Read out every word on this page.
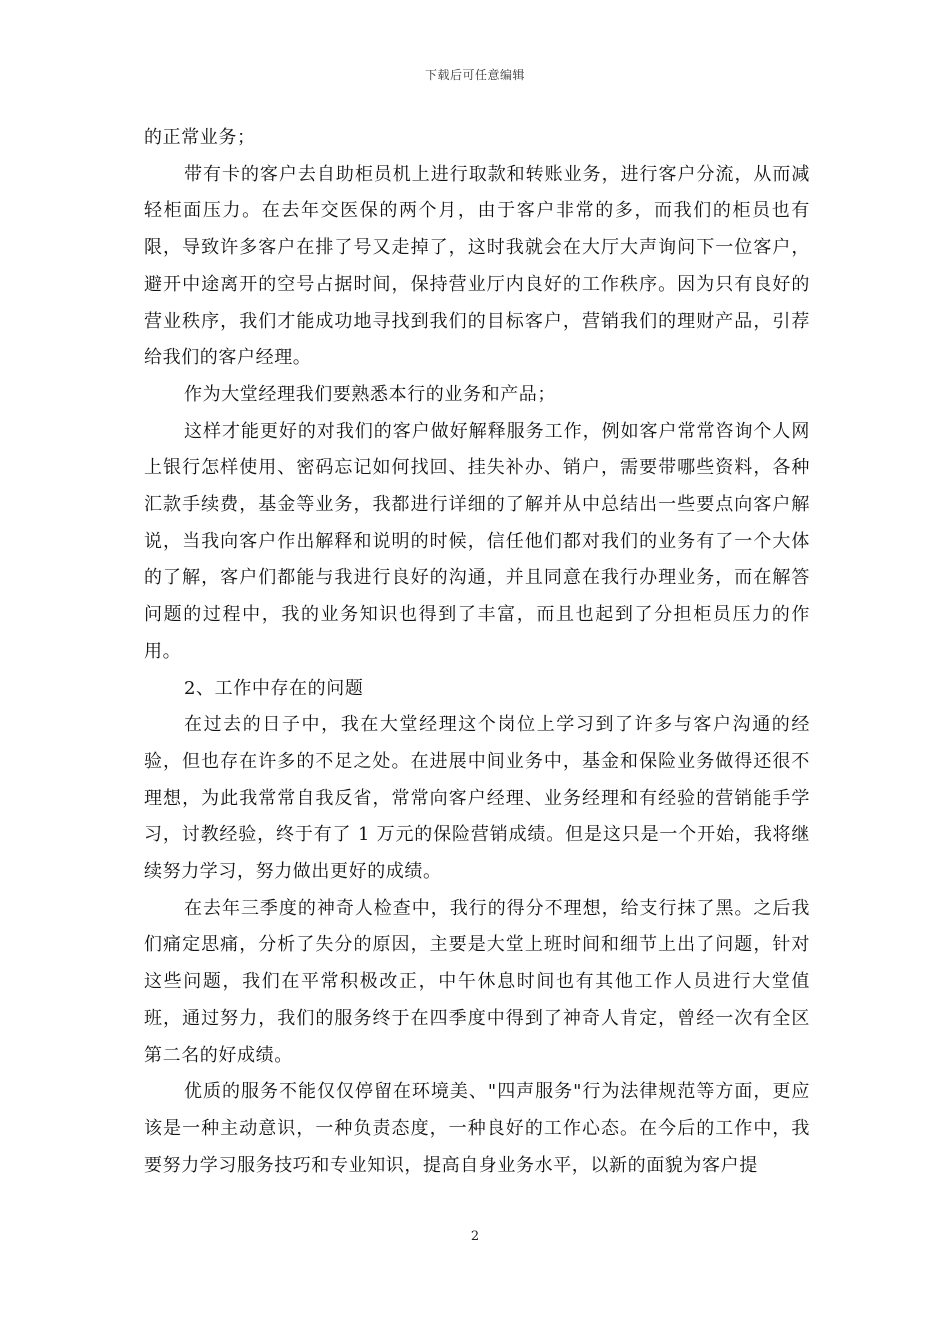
下载后可任意编辑

的正常业务；

带有卡的客户去自助柜员机上进行取款和转账业务，进行客户分流，从而减轻柜面压力。在去年交医保的两个月，由于客户非常的多，而我们的柜员也有限，导致许多客户在排了号又走掉了，这时我就会在大厅大声询问下一位客户，避开中途离开的空号占据时间，保持营业厅内良好的工作秩序。因为只有良好的营业秩序，我们才能成功地寻找到我们的目标客户，营销我们的理财产品，引荐给我们的客户经理。

作为大堂经理我们要熟悉本行的业务和产品；

这样才能更好的对我们的客户做好解释服务工作，例如客户常常咨询个人网上银行怎样使用、密码忘记如何找回、挂失补办、销户，需要带哪些资料，各种汇款手续费，基金等业务，我都进行详细的了解并从中总结出一些要点向客户解说，当我向客户作出解释和说明的时候，信任他们都对我们的业务有了一个大体的了解，客户们都能与我进行良好的沟通，并且同意在我行办理业务，而在解答问题的过程中，我的业务知识也得到了丰富，而且也起到了分担柜员压力的作用。

2、工作中存在的问题

在过去的日子中，我在大堂经理这个岗位上学习到了许多与客户沟通的经验，但也存在许多的不足之处。在进展中间业务中，基金和保险业务做得还很不理想，为此我常常自我反省，常常向客户经理、业务经理和有经验的营销能手学习，讨教经验，终于有了 1 万元的保险营销成绩。但是这只是一个开始，我将继续努力学习，努力做出更好的成绩。

在去年三季度的神奇人检查中，我行的得分不理想，给支行抹了黑。之后我们痛定思痛，分析了失分的原因，主要是大堂上班时间和细节上出了问题，针对这些问题，我们在平常积极改正，中午休息时间也有其他工作人员进行大堂值班，通过努力，我们的服务终于在四季度中得到了神奇人肯定，曾经一次有全区第二名的好成绩。

优质的服务不能仅仅停留在环境美、"四声服务"行为法律规范等方面，更应该是一种主动意识，一种负责态度，一种良好的工作心态。在今后的工作中，我要努力学习服务技巧和专业知识，提高自身业务水平，以新的面貌为客户提

2
